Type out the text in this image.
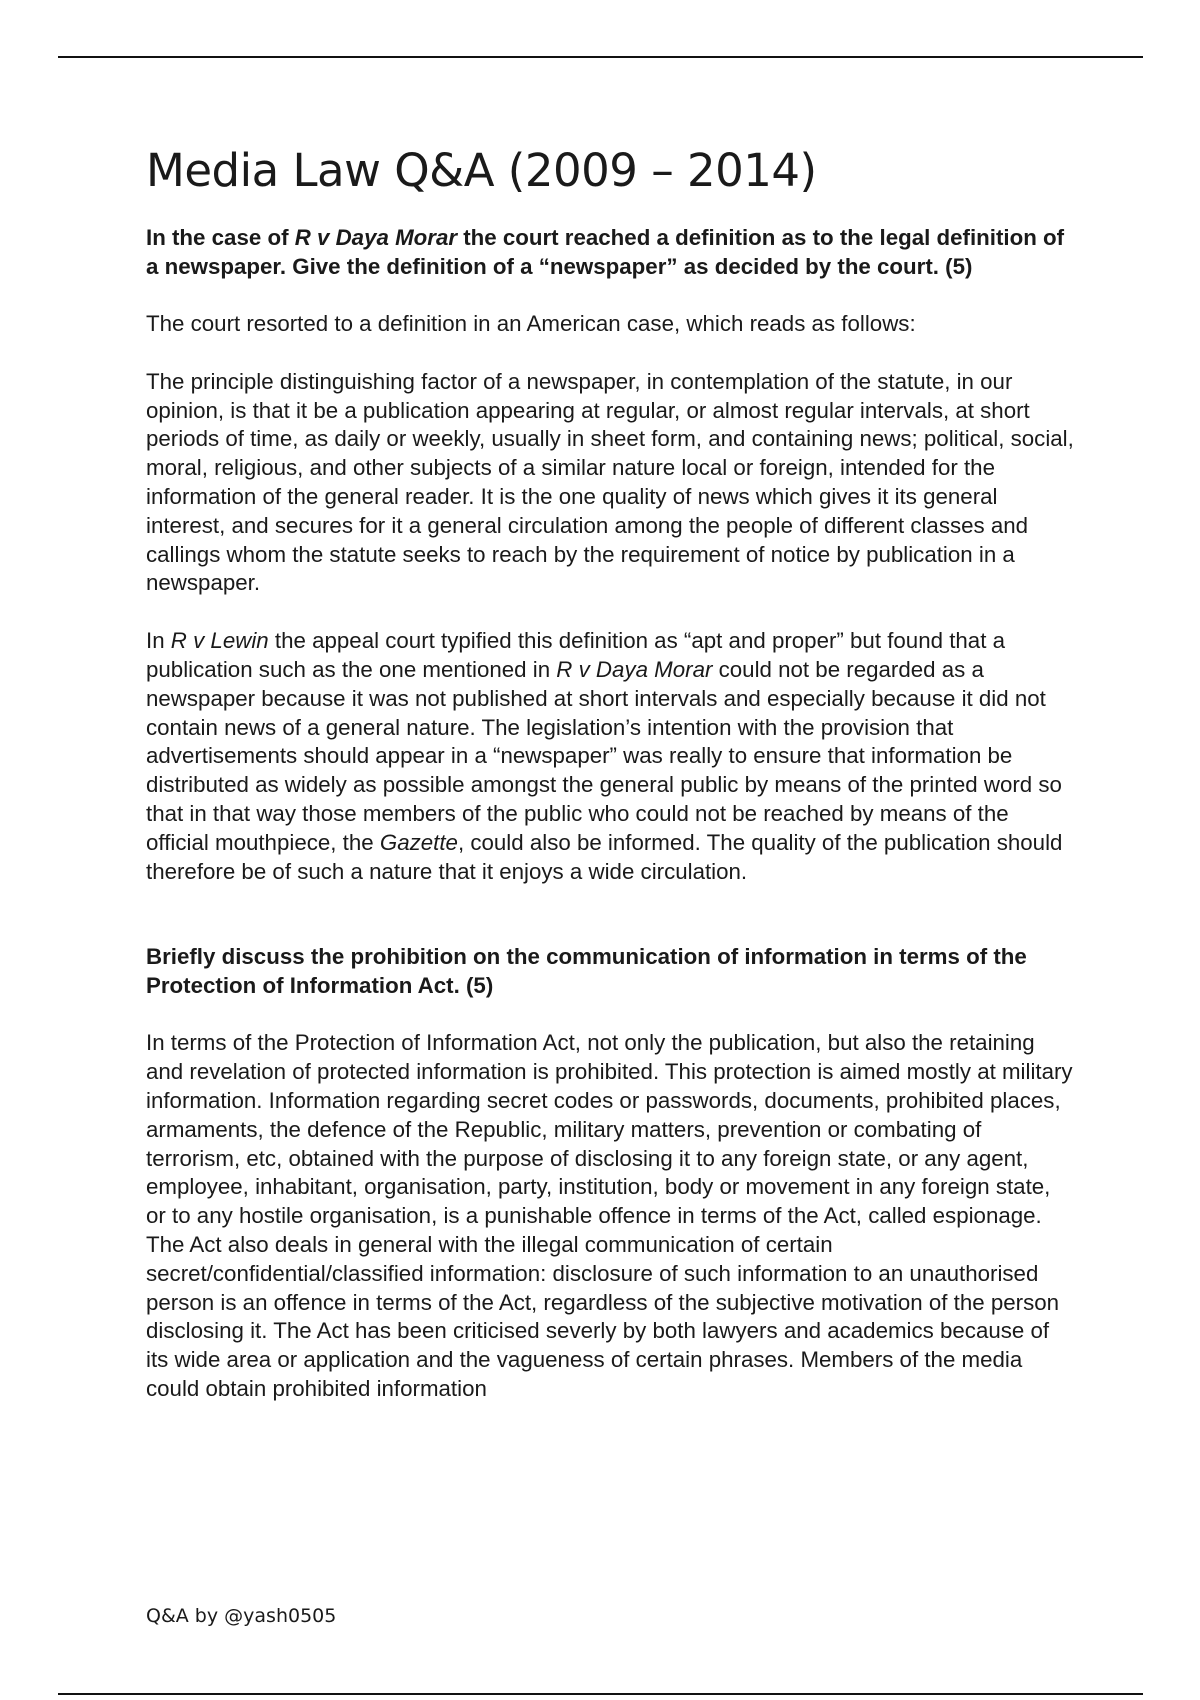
Media Law Q&A (2009 – 2014)

In the case of R v Daya Morar the court reached a definition as to the legal definition of a newspaper. Give the definition of a “newspaper” as decided by the court. (5)

The court resorted to a definition in an American case, which reads as follows:

The principle distinguishing factor of a newspaper, in contemplation of the statute, in our opinion, is that it be a publication appearing at regular, or almost regular intervals, at short periods of time, as daily or weekly, usually in sheet form, and containing news; political, social, moral, religious, and other subjects of a similar nature local or foreign, intended for the information of the general reader. It is the one quality of news which gives it its general interest, and secures for it a general circulation among the people of different classes and callings whom the statute seeks to reach by the requirement of notice by publication in a newspaper.

In R v Lewin the appeal court typified this definition as “apt and proper” but found that a publication such as the one mentioned in R v Daya Morar could not be regarded as a newspaper because it was not published at short intervals and especially because it did not contain news of a general nature. The legislation’s intention with the provision that advertisements should appear in a “newspaper” was really to ensure that information be distributed as widely as possible amongst the general public by means of the printed word so that in that way those members of the public who could not be reached by means of the official mouthpiece, the Gazette, could also be informed. The quality of the publication should therefore be of such a nature that it enjoys a wide circulation.

Briefly discuss the prohibition on the communication of information in terms of the Protection of Information Act. (5)

In terms of the Protection of Information Act, not only the publication, but also the retaining and revelation of protected information is prohibited. This protection is aimed mostly at military information. Information regarding secret codes or passwords, documents, prohibited places, armaments, the defence of the Republic, military matters, prevention or combating of terrorism, etc, obtained with the purpose of disclosing it to any foreign state, or any agent, employee, inhabitant, organisation, party, institution, body or movement in any foreign state, or to any hostile organisation, is a punishable offence in terms of the Act, called espionage. The Act also deals in general with the illegal communication of certain secret/confidential/classified information: disclosure of such information to an unauthorised person is an offence in terms of the Act, regardless of the subjective motivation of the person disclosing it. The Act has been criticised severly by both lawyers and academics because of its wide area or application and the vagueness of certain phrases. Members of the media could obtain prohibited information

Q&A by @yash0505
